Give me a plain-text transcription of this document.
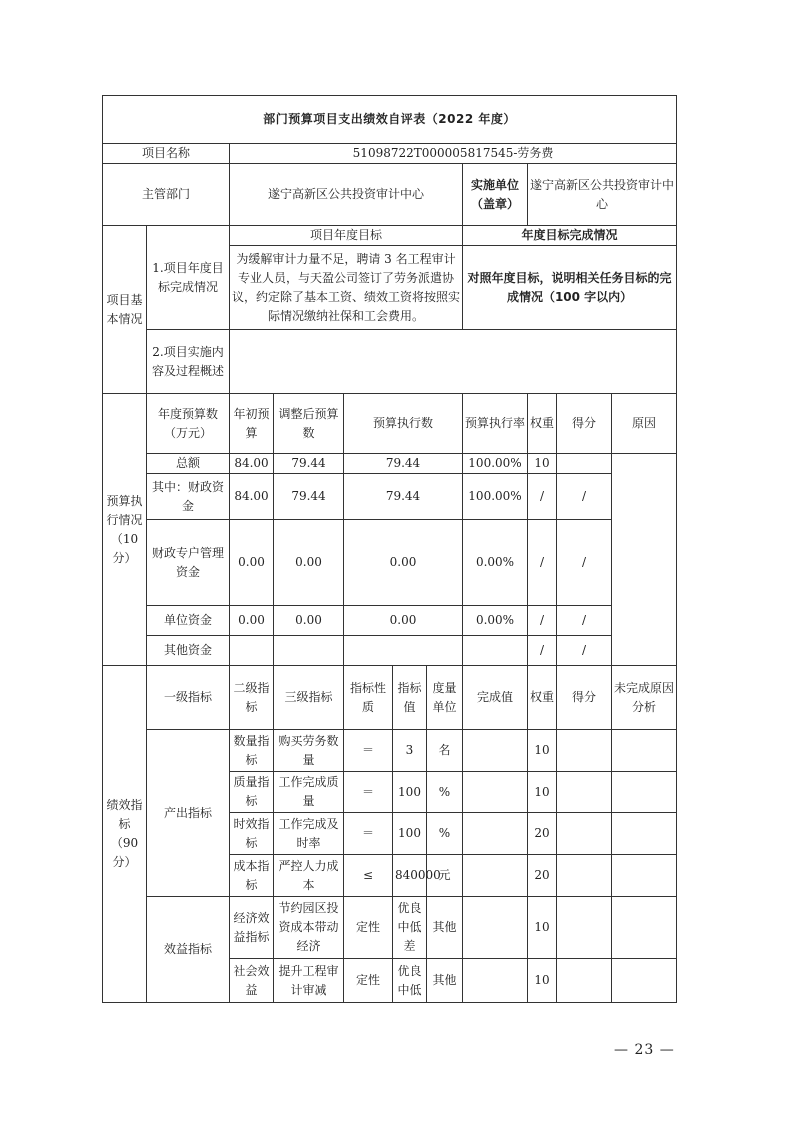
部门预算项目支出绩效自评表（2022 年度）										
项目名称		51098722T000005817545-劳务费								
主管部门		遂宁高新区公共投资审计中心					实施单位（盖章）	遂宁高新区公共投资审计中心		
项目基本情况	1.项目年度目标完成情况	项目年度目标					年度目标完成情况			
		为缓解审计力量不足，聘请 3 名工程审计专业人员，与天盈公司签订了劳务派遣协议，约定除了基本工资、绩效工资将按照实际情况缴纳社保和工会费用。					对照年度目标，说明相关任务目标的完成情况（100 字以内）			
	2.项目实施内容及过程概述									
预算执行情况（10分）	年度预算数（万元）	年初预算	调整后预算数	预算执行数			预算执行率	权重	得分	原因
	总额	84.00	79.44	79.44			100.00%	10		
	其中：财政资金	84.00	79.44	79.44			100.00%	/	/	
	财政专户管理资金	0.00	0.00	0.00			0.00%	/	/	
	单位资金	0.00	0.00	0.00			0.00%	/	/	
	其他资金							/	/	
绩效指标（90分）	一级指标	二级指标	三级指标	指标性质	指标值	度量单位	完成值	权重	得分	未完成原因分析
	产出指标	数量指标	购买劳务数量	＝	3	名		10		
		质量指标	工作完成质量	＝	100	%		10		
		时效指标	工作完成及时率	＝	100	%		20		
		成本指标	严控人力成本	≤	840000	元		20		
	效益指标	经济效益指标	节约园区投资成本带动经济	定性	优良中低差	其他		10		
		社会效益	提升工程审计审减	定性	优良中低	其他		10		
— 23 —
